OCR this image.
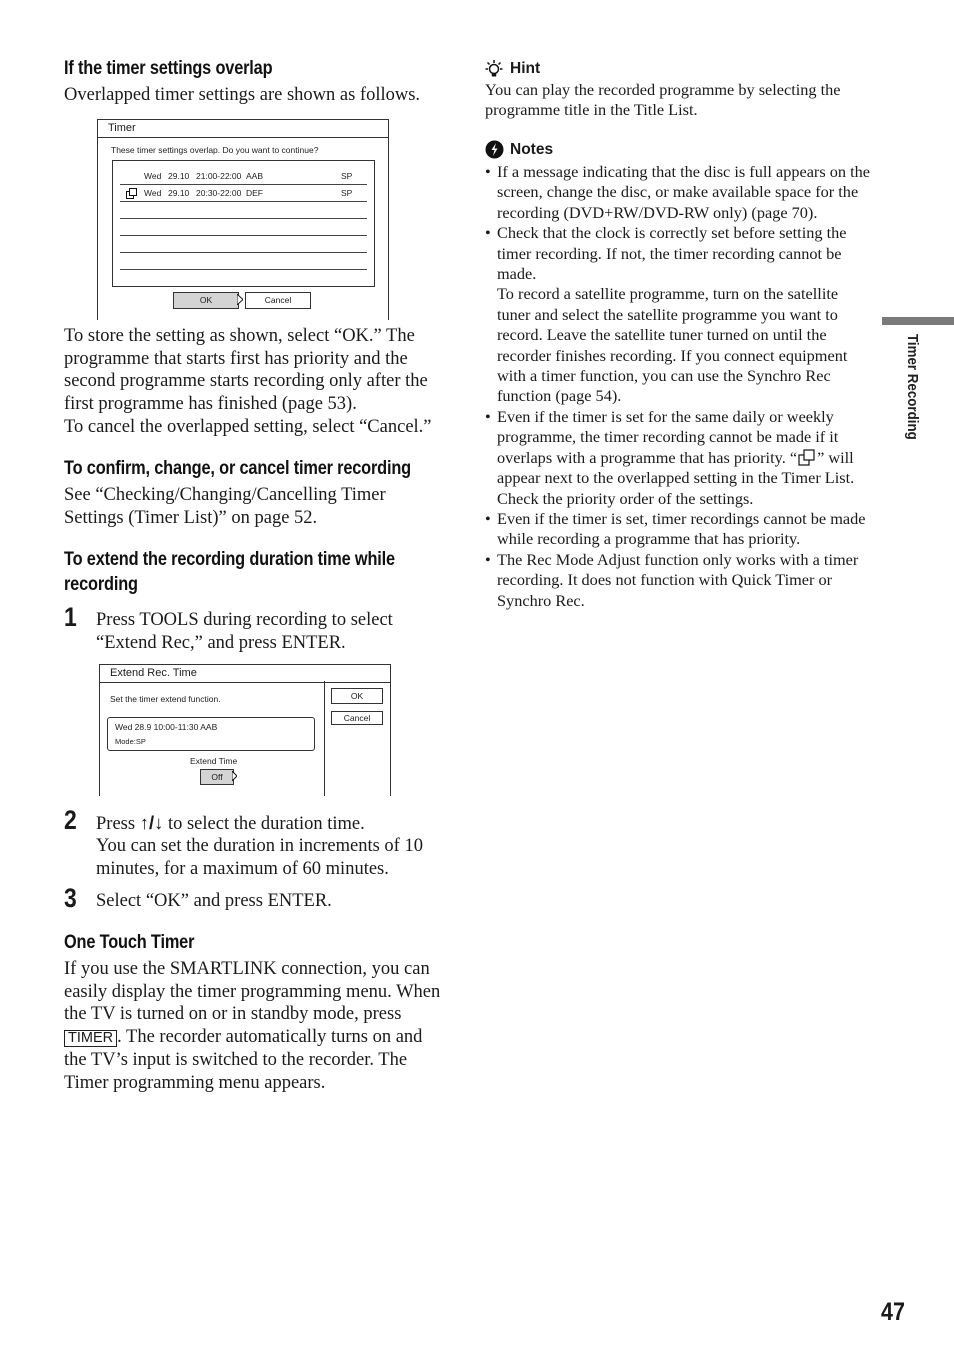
If the timer settings overlap
Overlapped timer settings are shown as follows.
Timer
These timer settings overlap. Do you want to continue?
Wed 29.10 21:00-22:00 AAB	SP
Wed 29.10 20:30-22:00 DEF	SP
OK	Cancel
To store the setting as shown, select “OK.” The programme that starts first has priority and the second programme starts recording only after the first programme has finished (page 53).
To cancel the overlapped setting, select “Cancel.”
To confirm, change, or cancel timer recording
See “Checking/Changing/Cancelling Timer Settings (Timer List)” on page 52.
To extend the recording duration time while
recording
1 Press TOOLS during recording to select “Extend Rec,” and press ENTER.
Extend Rec. Time
Set the timer extend function.
Wed 28.9 10:00-11:30 AAB
Mode:SP
Extend Time
Off
OK
Cancel
2 Press ↑/↓ to select the duration time.
You can set the duration in increments of 10 minutes, for a maximum of 60 minutes.
3 Select “OK” and press ENTER.
One Touch Timer
If you use the SMARTLINK connection, you can easily display the timer programming menu. When the TV is turned on or in standby mode, press TIMER . The recorder automatically turns on and the TV’s input is switched to the recorder. The Timer programming menu appears.
Hint
You can play the recorded programme by selecting the programme title in the Title List.
Notes
• If a message indicating that the disc is full appears on the screen, change the disc, or make available space for the recording (DVD+RW/DVD-RW only) (page 70).
• Check that the clock is correctly set before setting the timer recording. If not, the timer recording cannot be made.
To record a satellite programme, turn on the satellite tuner and select the satellite programme you want to record. Leave the satellite tuner turned on until the recorder finishes recording. If you connect equipment with a timer function, you can use the Synchro Rec function (page 54).
• Even if the timer is set for the same daily or weekly programme, the timer recording cannot be made if it overlaps with a programme that has priority. “ ” will appear next to the overlapped setting in the Timer List. Check the priority order of the settings.
• Even if the timer is set, timer recordings cannot be made while recording a programme that has priority.
• The Rec Mode Adjust function only works with a timer recording. It does not function with Quick Timer or Synchro Rec.
Timer Recording
47
